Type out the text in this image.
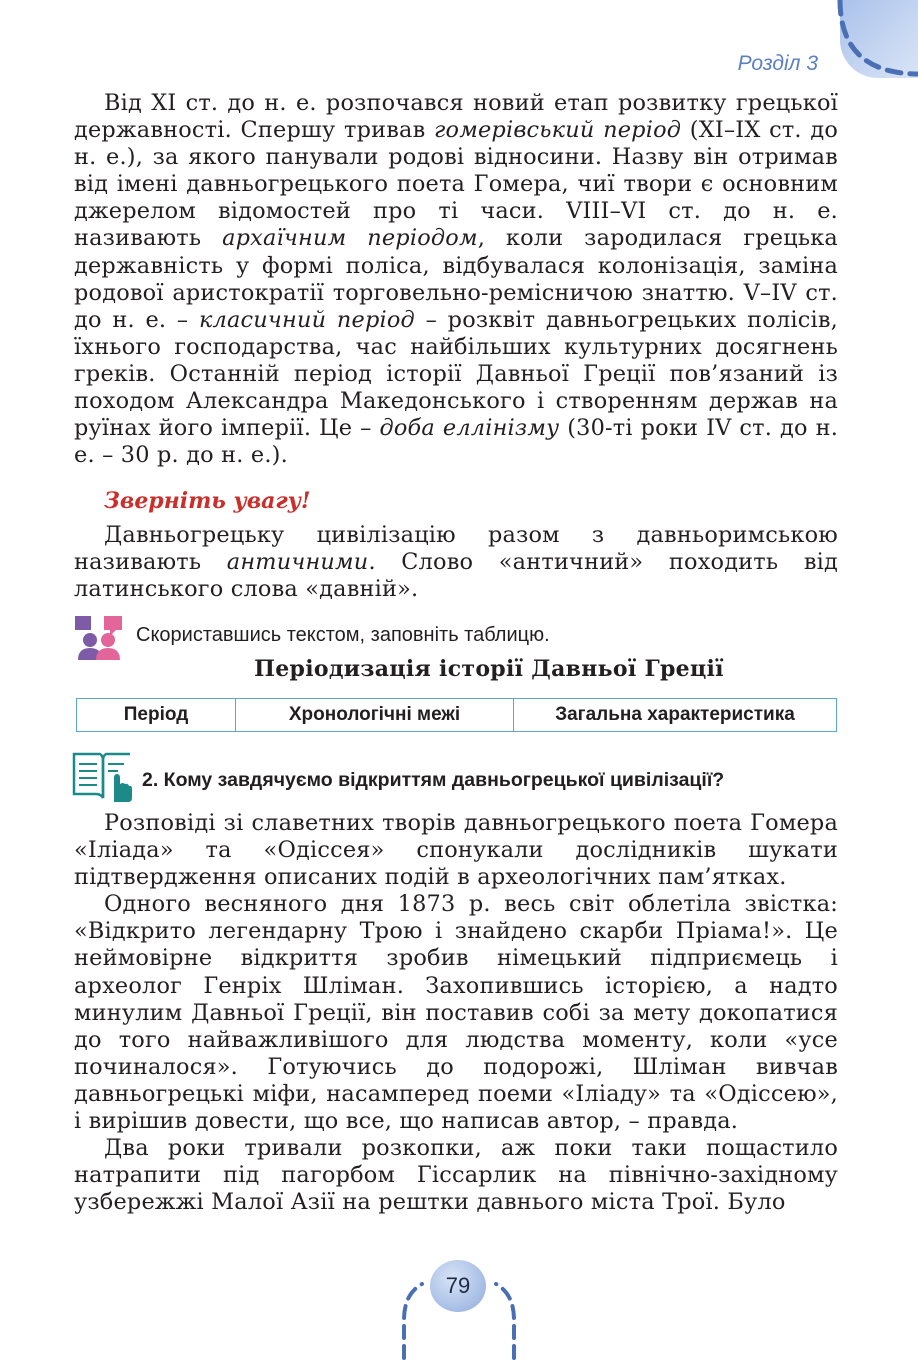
Розділ 3

Від XI ст. до н. е. розпочався новий етап розвитку грецької державності. Спершу тривав гомерівський період (XI–IX ст. до н. е.), за якого панували родові відносини. Назву він отримав від імені давньогрецького поета Гомера, чиї твори є основним джерелом відомостей про ті часи. VIII–VI ст. до н. е. називають архаїчним періодом, коли зародилася грецька державність у формі поліса, відбувалася колонізація, заміна родової аристократії торговельно-ремісничою знаттю. V–IV ст. до н. е. – класичний період – розквіт давньогрецьких полісів, їхнього господарства, час найбільших культурних досягнень греків. Останній період історії Давньої Греції пов’язаний із походом Александра Македонського і створенням держав на руїнах його імперії. Це – доба еллінізму (30-ті роки IV ст. до н. е. – 30 р. до н. е.).

Зверніть увагу!

Давньогрецьку цивілізацію разом з давньоримською називають античними. Слово «античний» походить від латинського слова «давній».

Скориставшись текстом, заповніть таблицю.
Періодизація історії Давньої Греції
Період	Хронологічні межі	Загальна характеристика
2. Кому завдячуємо відкриттям давньогрецької цивілізації?

Розповіді зі славетних творів давньогрецького поета Гомера «Іліада» та «Одіссея» спонукали дослідників шукати підтвердження описаних подій в археологічних пам’ятках.

Одного весняного дня 1873 р. весь світ облетіла звістка: «Відкрито легендарну Трою і знайдено скарби Пріама!». Це неймовірне відкриття зробив німецький підприємець і археолог Генріх Шліман. Захопившись історією, а надто минулим Давньої Греції, він поставив собі за мету докопатися до того найважливішого для людства моменту, коли «усе починалося». Готуючись до подорожі, Шліман вивчав давньогрецькі міфи, насамперед поеми «Іліаду» та «Одіссею», і вирішив довести, що все, що написав автор, – правда.

Два роки тривали розкопки, аж поки таки пощастило натрапити під пагорбом Гіссарлик на північно-західному узбережжі Малої Азії на рештки давнього міста Трої. Було

79
